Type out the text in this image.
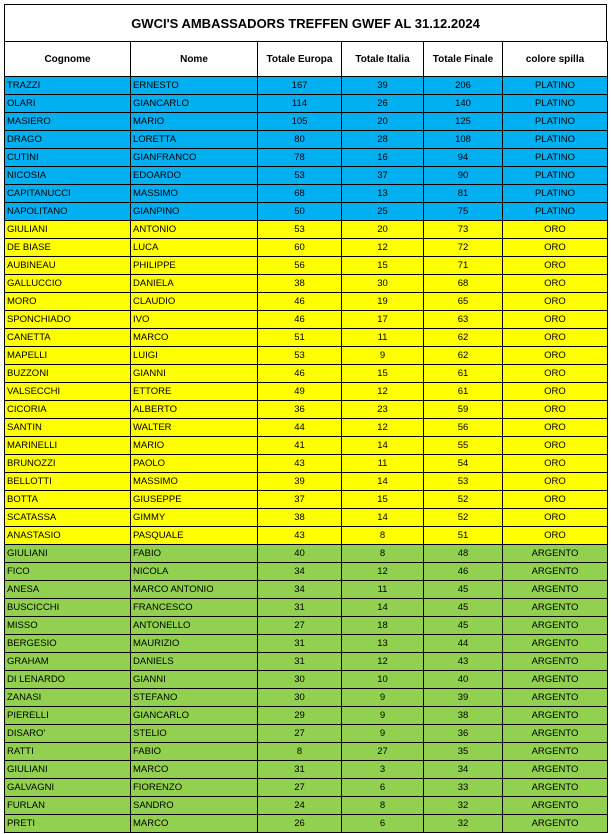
GWCI'S AMBASSADORS TREFFEN GWEF AL 31.12.2024
Cognome	Nome	Totale Europa	Totale Italia	Totale Finale	colore spilla
TRAZZI	ERNESTO	167	39	206	PLATINO
OLARI	GIANCARLO	114	26	140	PLATINO
MASIERO	MARIO	105	20	125	PLATINO
DRAGO	LORETTA	80	28	108	PLATINO
CUTINI	GIANFRANCO	78	16	94	PLATINO
NICOSIA	EDOARDO	53	37	90	PLATINO
CAPITANUCCI	MASSIMO	68	13	81	PLATINO
NAPOLITANO	GIANPINO	50	25	75	PLATINO
GIULIANI	ANTONIO	53	20	73	ORO
DE BIASE	LUCA	60	12	72	ORO
AUBINEAU	PHILIPPE	56	15	71	ORO
GALLUCCIO	DANIELA	38	30	68	ORO
MORO	CLAUDIO	46	19	65	ORO
SPONCHIADO	IVO	46	17	63	ORO
CANETTA	MARCO	51	11	62	ORO
MAPELLI	LUIGI	53	9	62	ORO
BUZZONI	GIANNI	46	15	61	ORO
VALSECCHI	ETTORE	49	12	61	ORO
CICORIA	ALBERTO	36	23	59	ORO
SANTIN	WALTER	44	12	56	ORO
MARINELLI	MARIO	41	14	55	ORO
BRUNOZZI	PAOLO	43	11	54	ORO
BELLOTTI	MASSIMO	39	14	53	ORO
BOTTA	GIUSEPPE	37	15	52	ORO
SCATASSA	GIMMY	38	14	52	ORO
ANASTASIO	PASQUALE	43	8	51	ORO
GIULIANI	FABIO	40	8	48	ARGENTO
FICO	NICOLA	34	12	46	ARGENTO
ANESA	MARCO ANTONIO	34	11	45	ARGENTO
BUSCICCHI	FRANCESCO	31	14	45	ARGENTO
MISSO	ANTONELLO	27	18	45	ARGENTO
BERGESIO	MAURIZIO	31	13	44	ARGENTO
GRAHAM	DANIELS	31	12	43	ARGENTO
DI LENARDO	GIANNI	30	10	40	ARGENTO
ZANASI	STEFANO	30	9	39	ARGENTO
PIERELLI	GIANCARLO	29	9	38	ARGENTO
DISARO'	STELIO	27	9	36	ARGENTO
RATTI	FABIO	8	27	35	ARGENTO
GIULIANI	MARCO	31	3	34	ARGENTO
GALVAGNI	FIORENZO	27	6	33	ARGENTO
FURLAN	SANDRO	24	8	32	ARGENTO
PRETI	MARCO	26	6	32	ARGENTO
